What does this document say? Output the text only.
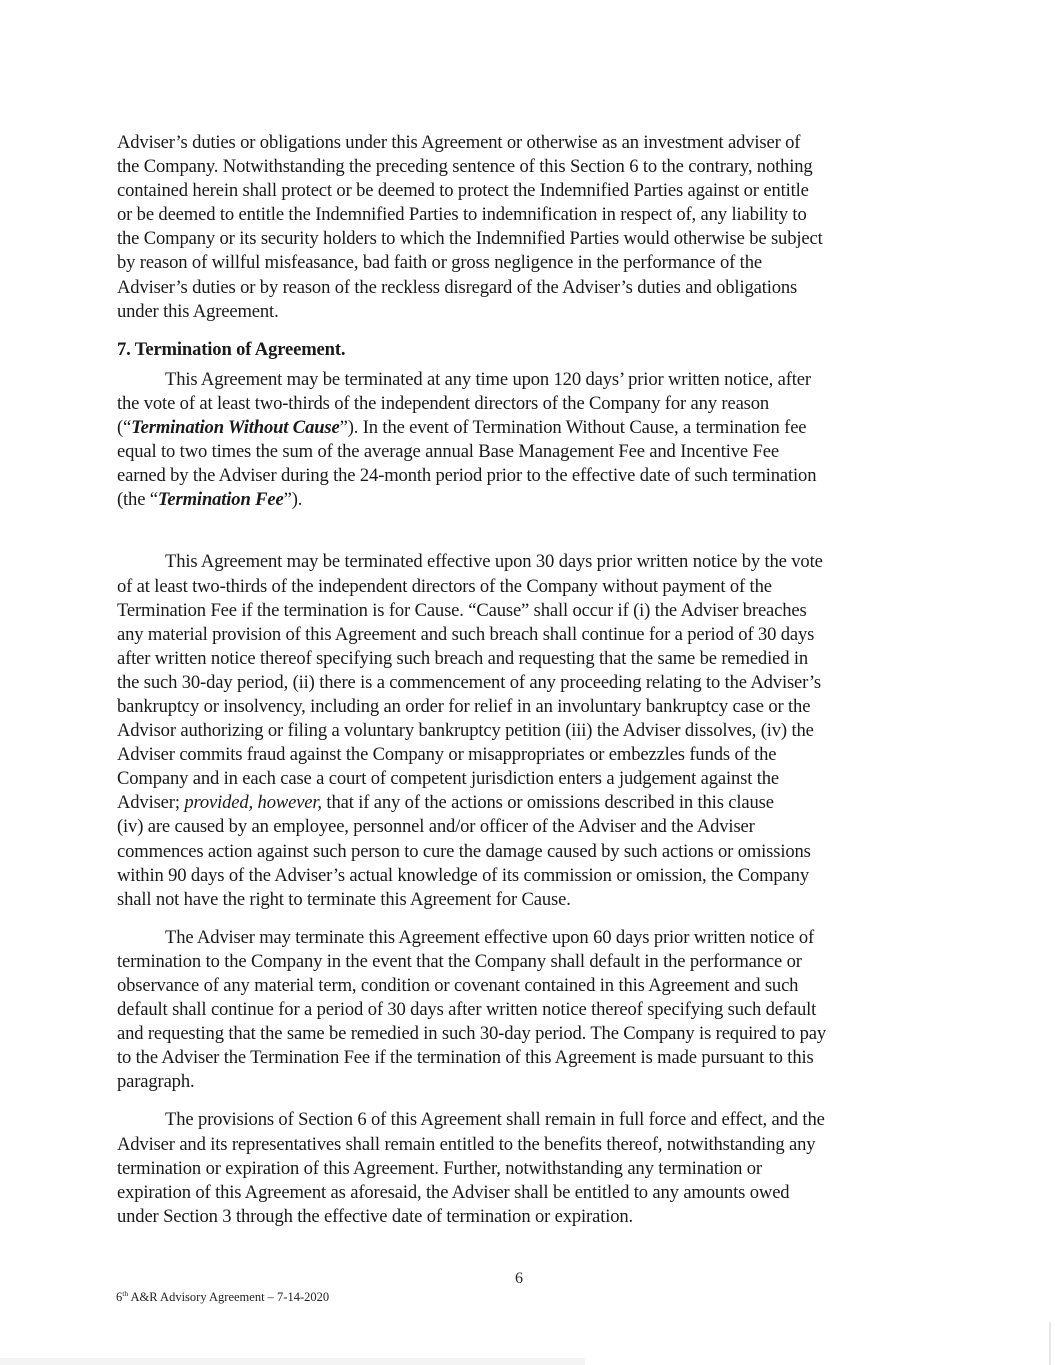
Adviser’s duties or obligations under this Agreement or otherwise as an investment adviser of
the Company. Notwithstanding the preceding sentence of this Section 6 to the contrary, nothing
contained herein shall protect or be deemed to protect the Indemnified Parties against or entitle
or be deemed to entitle the Indemnified Parties to indemnification in respect of, any liability to
the Company or its security holders to which the Indemnified Parties would otherwise be subject
by reason of willful misfeasance, bad faith or gross negligence in the performance of the
Adviser’s duties or by reason of the reckless disregard of the Adviser’s duties and obligations
under this Agreement.
7. Termination of Agreement.
This Agreement may be terminated at any time upon 120 days’ prior written notice, after
the vote of at least two-thirds of the independent directors of the Company for any reason
(“Termination Without Cause”). In the event of Termination Without Cause, a termination fee
equal to two times the sum of the average annual Base Management Fee and Incentive Fee
earned by the Adviser during the 24-month period prior to the effective date of such termination
(the “Termination Fee”).
This Agreement may be terminated effective upon 30 days prior written notice by the vote
of at least two-thirds of the independent directors of the Company without payment of the
Termination Fee if the termination is for Cause. “Cause” shall occur if (i) the Adviser breaches
any material provision of this Agreement and such breach shall continue for a period of 30 days
after written notice thereof specifying such breach and requesting that the same be remedied in
the such 30-day period, (ii) there is a commencement of any proceeding relating to the Adviser’s
bankruptcy or insolvency, including an order for relief in an involuntary bankruptcy case or the
Advisor authorizing or filing a voluntary bankruptcy petition (iii) the Adviser dissolves, (iv) the
Adviser commits fraud against the Company or misappropriates or embezzles funds of the
Company and in each case a court of competent jurisdiction enters a judgement against the
Adviser; provided, however, that if any of the actions or omissions described in this clause
(iv) are caused by an employee, personnel and/or officer of the Adviser and the Adviser
commences action against such person to cure the damage caused by such actions or omissions
within 90 days of the Adviser’s actual knowledge of its commission or omission, the Company
shall not have the right to terminate this Agreement for Cause.
The Adviser may terminate this Agreement effective upon 60 days prior written notice of
termination to the Company in the event that the Company shall default in the performance or
observance of any material term, condition or covenant contained in this Agreement and such
default shall continue for a period of 30 days after written notice thereof specifying such default
and requesting that the same be remedied in such 30-day period. The Company is required to pay
to the Adviser the Termination Fee if the termination of this Agreement is made pursuant to this
paragraph.
The provisions of Section 6 of this Agreement shall remain in full force and effect, and the
Adviser and its representatives shall remain entitled to the benefits thereof, notwithstanding any
termination or expiration of this Agreement. Further, notwithstanding any termination or
expiration of this Agreement as aforesaid, the Adviser shall be entitled to any amounts owed
under Section 3 through the effective date of termination or expiration.
6
6th A&R Advisory Agreement – 7-14-2020
